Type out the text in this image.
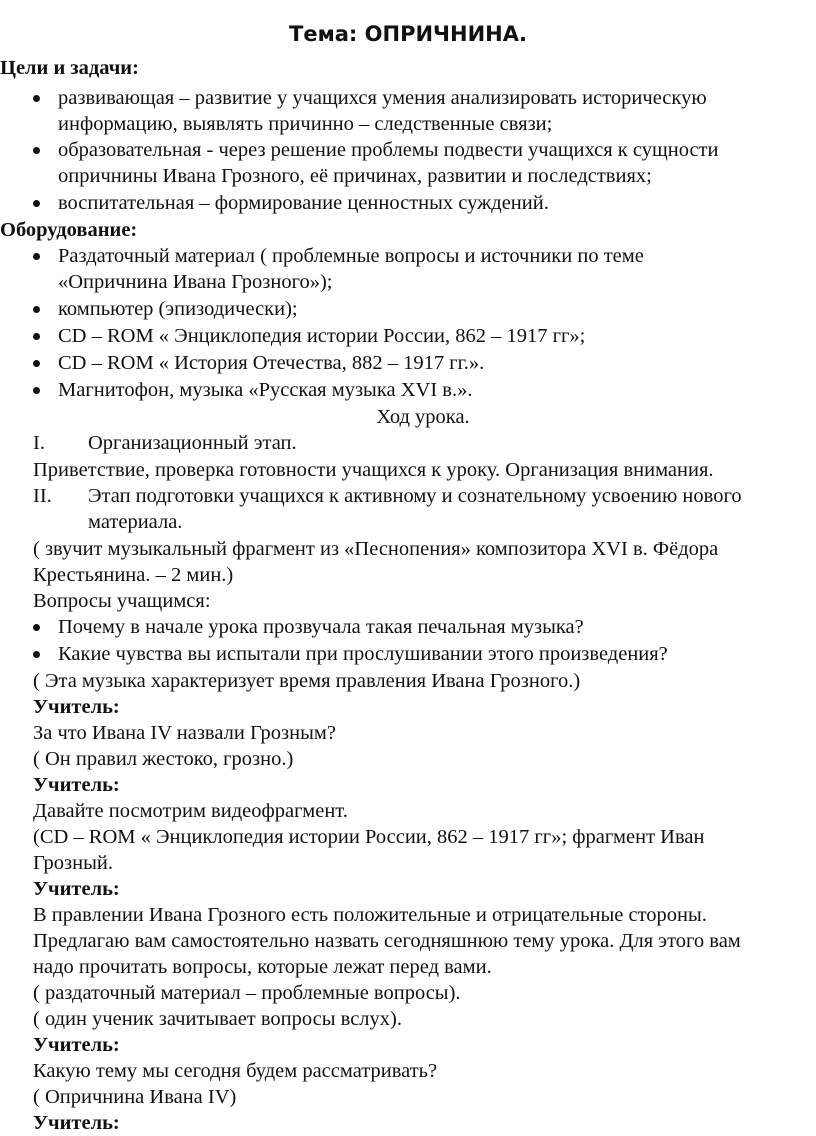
Тема: ОПРИЧНИНА.
Цели и задачи:
развивающая – развитие у учащихся умения анализировать историческую
информацию, выявлять причинно – следственные связи;
образовательная - через решение проблемы подвести учащихся к сущности
опричнины Ивана Грозного, её причинах, развитии и последствиях;
воспитательная – формирование ценностных суждений.
Оборудование:
Раздаточный материал ( проблемные вопросы и источники по теме
«Опричнина Ивана Грозного»);
компьютер (эпизодически);
CD – ROM « Энциклопедия истории России, 862 – 1917 гг»;
CD – ROM « История Отечества, 882 – 1917 гг.».
Магнитофон, музыка «Русская музыка XVI в.».
Ход урока.
I. Организационный этап.
Приветствие, проверка готовности учащихся к уроку. Организация внимания.
II. Этап подготовки учащихся к активному и сознательному усвоению нового
материала.
( звучит музыкальный фрагмент из «Песнопения» композитора XVI в. Фёдора
Крестьянина. – 2 мин.)
Вопросы учащимся:
Почему в начале урока прозвучала такая печальная музыка?
Какие чувства вы испытали при прослушивании этого произведения?
( Эта музыка характеризует время правления Ивана Грозного.)
Учитель:
За что Ивана IV назвали Грозным?
( Он правил жестоко, грозно.)
Учитель:
Давайте посмотрим видеофрагмент.
(CD – ROM « Энциклопедия истории России, 862 – 1917 гг»; фрагмент Иван
Грозный.
Учитель:
В правлении Ивана Грозного есть положительные и отрицательные стороны.
Предлагаю вам самостоятельно назвать сегодняшнюю тему урока. Для этого вам
надо прочитать вопросы, которые лежат перед вами.
( раздаточный материал – проблемные вопросы).
( один ученик зачитывает вопросы вслух).
Учитель:
Какую тему мы сегодня будем рассматривать?
( Опричнина Ивана IV)
Учитель:
